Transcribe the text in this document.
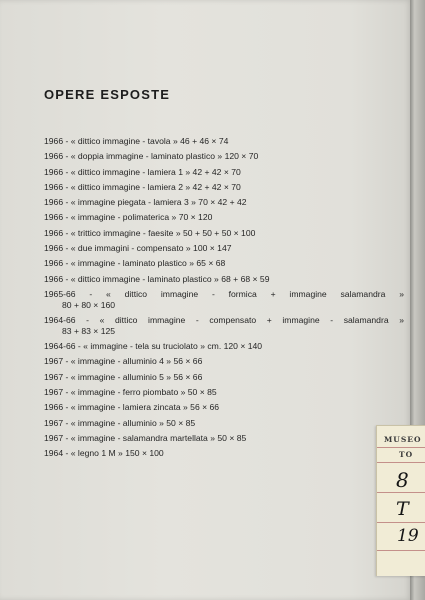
OPERE ESPOSTE
1966 - « dittico immagine - tavola » 46 + 46 × 74
1966 - « doppia immagine - laminato plastico » 120 × 70
1966 - « dittico immagine - lamiera 1 » 42 + 42 × 70
1966 - « dittico immagine - lamiera 2 » 42 + 42 × 70
1966 - « immagine piegata - lamiera 3 » 70 × 42 + 42
1966 - « immagine - polimaterica » 70 × 120
1966 - « trittico immagine - faesite » 50 + 50 + 50 × 100
1966 - « due immagini - compensato » 100 × 147
1966 - « immagine - laminato plastico » 65 × 68
1966 - « dittico immagine - laminato plastico » 68 + 68 × 59
1965-66 - « dittico immagine - formica + immagine salamandra »
80 + 80 × 160
1964-66 - « dittico immagine - compensato + immagine - salamandra »
83 + 83 × 125
1964-66 - « immagine - tela su truciolato » cm. 120 × 140
1967 - « immagine - alluminio 4 » 56 × 66
1967 - « immagine - alluminio 5 » 56 × 66
1967 - « immagine - ferro piombato » 50 × 85
1966 - « immagine - lamiera zincata » 56 × 66
1967 - « immagine - alluminio » 50 × 85
1967 - « immagine - salamandra martellata » 50 × 85
1964 - « legno 1 M » 150 × 100
MUSEO
TO
8
T
19
